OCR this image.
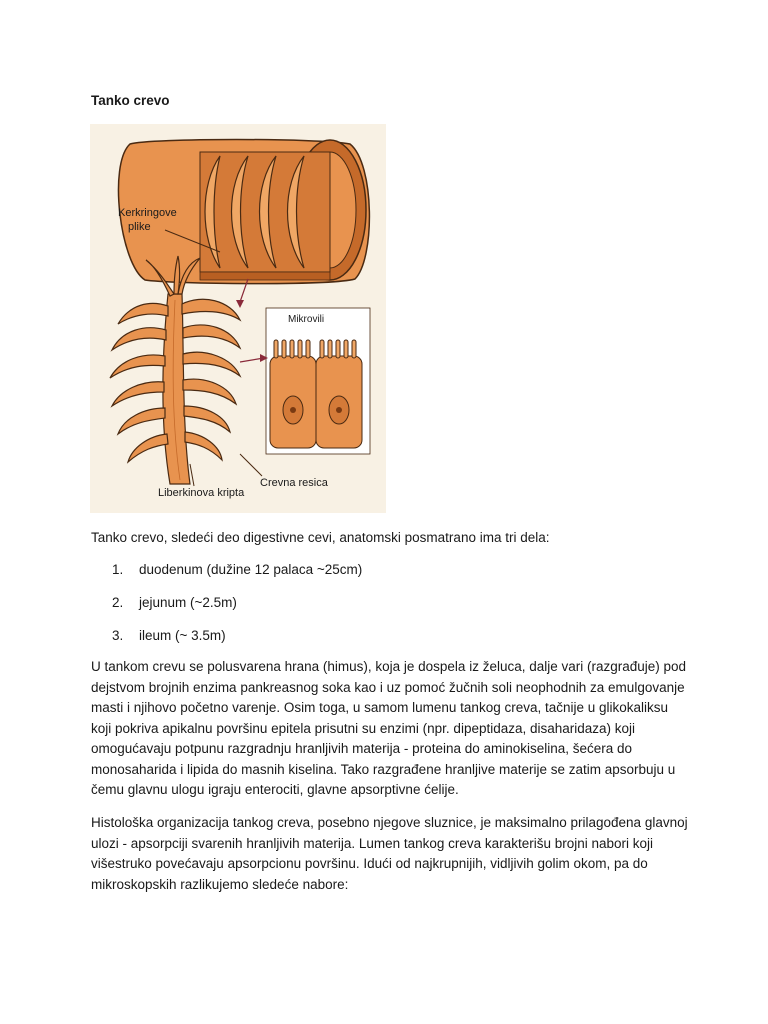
Tanko crevo
Kerkringove plike
Mikrovili
Crevna resica
Liberkinova kripta

Tanko crevo, sledeći deo digestivne cevi, anatomski posmatrano ima tri dela:

1. duodenum (dužine 12 palaca ~25cm)
2. jejunum (~2.5m)
3. ileum (~ 3.5m)

U tankom crevu se polusvarena hrana (himus), koja je dospela iz želuca, dalje vari (razgrađuje) pod dejstvom brojnih enzima pankreasnog soka kao i uz pomoć žučnih soli neophodnih za emulgovanje masti i njihovo početno varenje. Osim toga, u samom lumenu tankog creva, tačnije u glikokaliksu koji pokriva apikalnu površinu epitela prisutni su enzimi (npr. dipeptidaza, disaharidaza) koji omogućavaju potpunu razgradnju hranljivih materija - proteina do aminokiselina, šećera do monosaharida i lipida do masnih kiselina. Tako razgrađene hranljive materije se zatim apsorbuju u čemu glavnu ulogu igraju enterociti, glavne apsorptivne ćelije.

Histološka organizacija tankog creva, posebno njegove sluznice, je maksimalno prilagođena glavnoj ulozi - apsorpciji svarenih hranljivih materija. Lumen tankog creva karakterišu brojni nabori koji višestruko povećavaju apsorpcionu površinu. Idući od najkrupnijih, vidljivih golim okom, pa do mikroskopskih razlikujemo sledeće nabore:
